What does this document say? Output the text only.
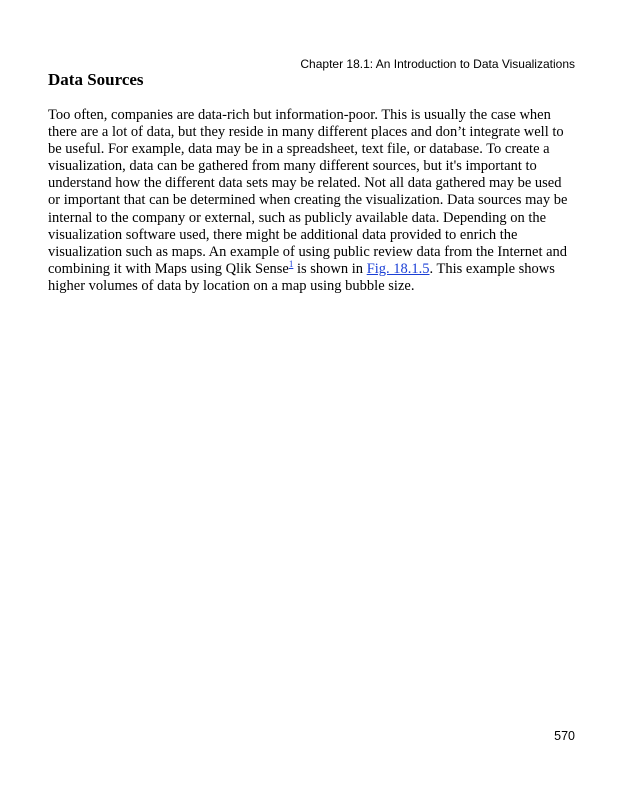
Chapter 18.1: An Introduction to Data Visualizations
Data Sources

Too often, companies are data-rich but information-poor. This is usually the case when
there are a lot of data, but they reside in many different places and don’t integrate well to
be useful. For example, data may be in a spreadsheet, text file, or database. To create a
visualization, data can be gathered from many different sources, but it's important to
understand how the different data sets may be related. Not all data gathered may be used
or important that can be determined when creating the visualization. Data sources may be
internal to the company or external, such as publicly available data. Depending on the
visualization software used, there might be additional data provided to enrich the
visualization such as maps. An example of using public review data from the Internet and
combining it with Maps using Qlik Sense$^1$ is shown in Fig. 18.1.5. This example shows
higher volumes of data by location on a map using bubble size.

570
